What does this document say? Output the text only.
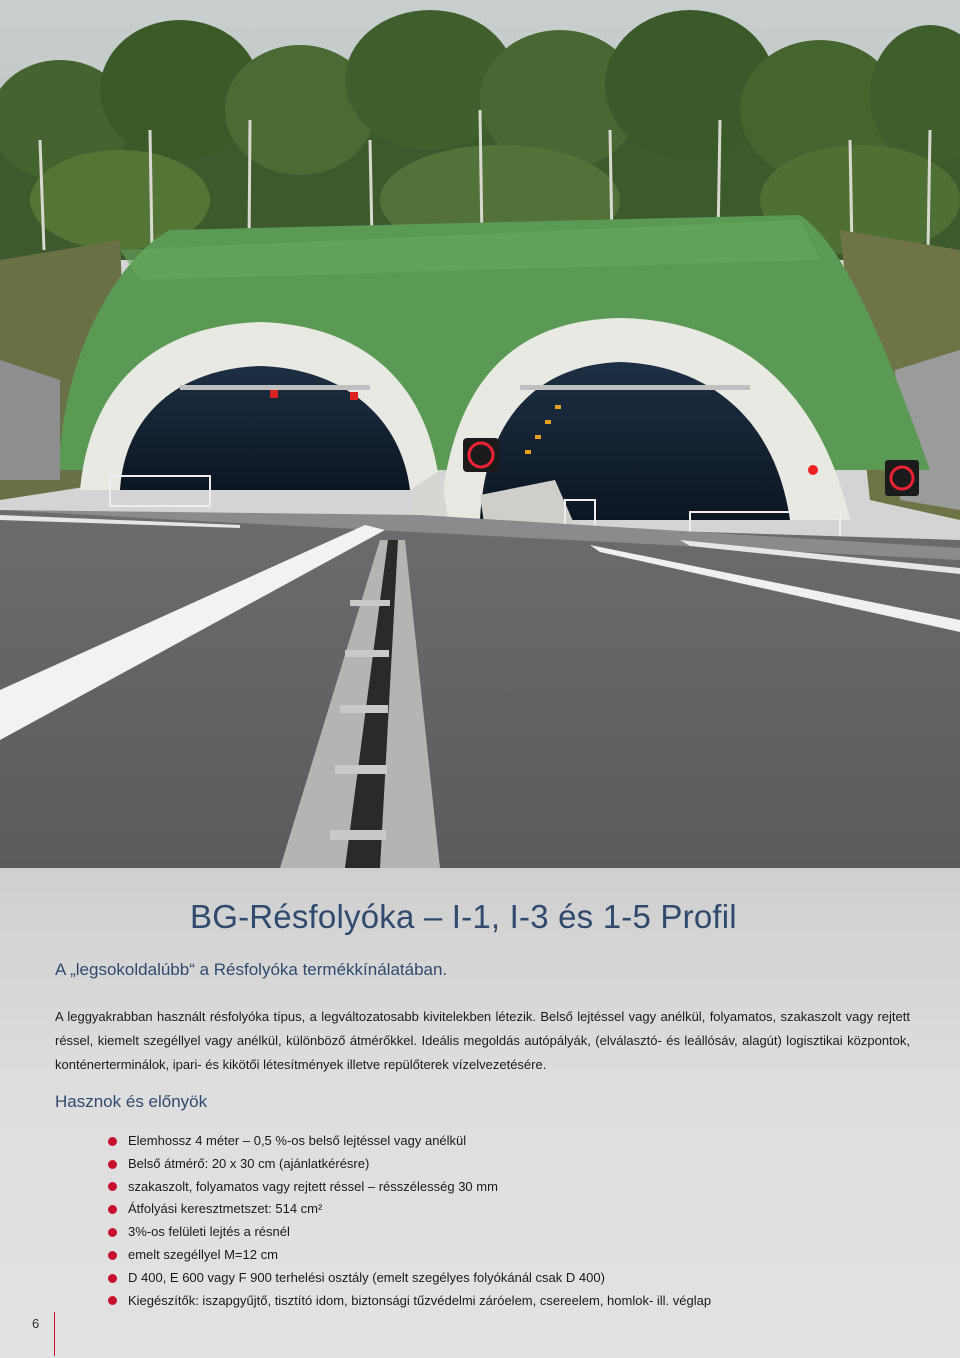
BG-Résfolyóka – I-1, I-3 és 1-5 Profil
A „legsokoldalúbb“ a Résfolyóka termékkínálatában.

A leggyakrabban használt résfolyóka típus, a legváltozatosabb kivitelekben létezik. Belső lejtéssel vagy anélkül, folyamatos, szakaszolt vagy rejtett réssel, kiemelt szegéllyel vagy anélkül, különböző átmérőkkel. Ideális megoldás autópályák, (elválasztó- és leállósáv, alagút) logisztikai központok, konténerterminálok, ipari- és kikötői létesítmények illetve repülőterek vízelvezetésére.

Hasznok és előnyök
Elemhossz 4 méter – 0,5 %-os belső lejtéssel vagy anélkül
Belső átmérő: 20 x 30 cm (ajánlatkérésre)
szakaszolt, folyamatos vagy rejtett réssel – résszélesség 30 mm
Átfolyási keresztmetszet: 514 cm²
3%-os felületi lejtés a résnél
emelt szegéllyel M=12 cm
D 400, E 600 vagy F 900 terhelési osztály (emelt szegélyes folyókánál csak D 400)
Kiegészítők: iszapgyűjtő, tisztító idom, biztonsági tűzvédelmi záróelem, csereelem, homlok- ill. véglap
6
